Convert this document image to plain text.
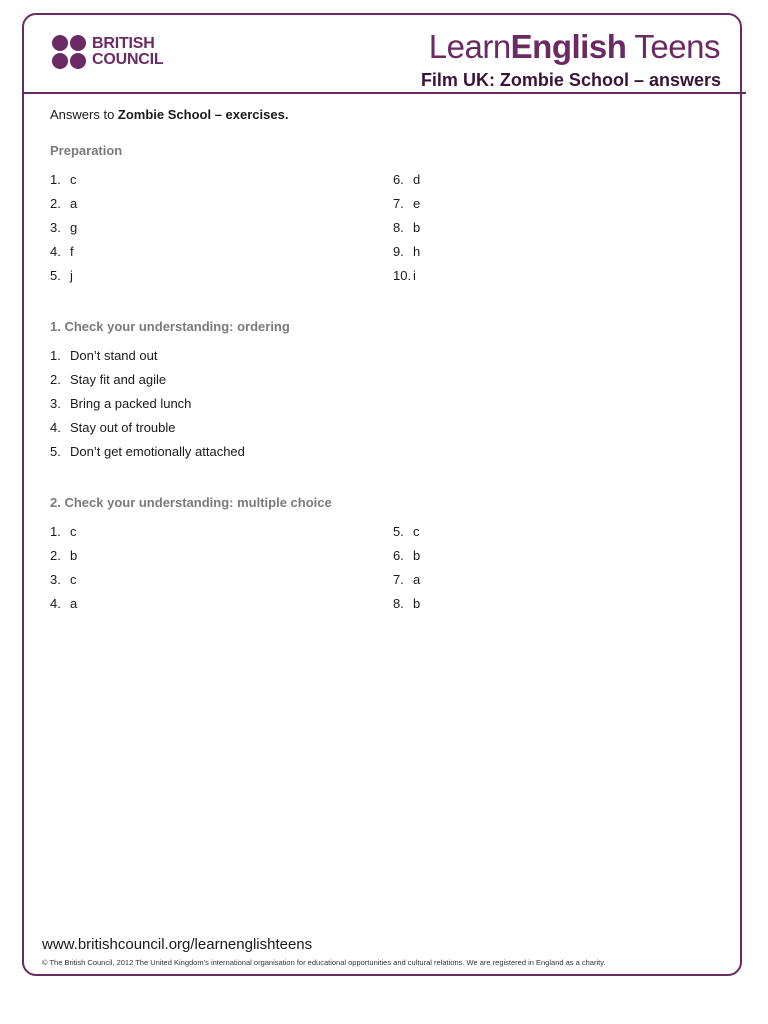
BRITISH
COUNCIL	LearnEnglish Teens
Film UK: Zombie School – answers
Answers to Zombie School – exercises.
Preparation
1. c
2. a
3. g
4. f
5. j
6. d
7. e
8. b
9. h
10. i
1. Check your understanding: ordering
1. Don’t stand out
2. Stay fit and agile
3. Bring a packed lunch
4. Stay out of trouble
5. Don’t get emotionally attached
2. Check your understanding: multiple choice
1. c
2. b
3. c
4. a
5. c
6. b
7. a
8. b
www.britishcouncil.org/learnenglishteens
© The British Council, 2012 The United Kingdom’s international organisation for educational opportunities and cultural relations. We are registered in England as a charity.
